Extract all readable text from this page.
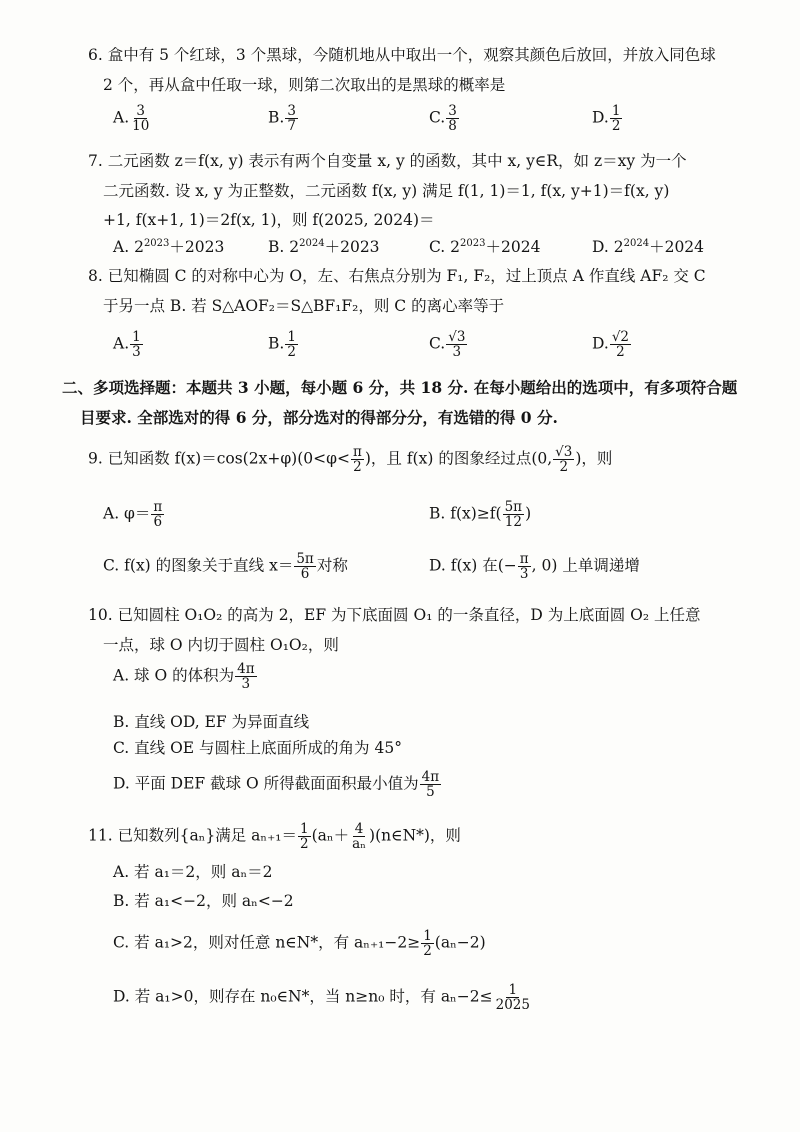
6. 盒中有 5 个红球，3 个黑球，今随机地从中取出一个，观察其颜色后放回，并放入同色球
2 个，再从盒中任取一球，则第二次取出的是黑球的概率是
A. $\frac{3}{10}$	B. $\frac{3}{7}$	C. $\frac{3}{8}$	D. $\frac{1}{2}$
7. 二元函数 z＝f(x, y) 表示有两个自变量 x, y 的函数，其中 x, y∈R，如 z＝xy 为一个
二元函数. 设 x, y 为正整数，二元函数 f(x, y) 满足 f(1, 1)＝1, f(x, y+1)＝f(x, y)
+1, f(x+1, 1)＝2f(x, 1)，则 f(2025, 2024)＝
A. $2^{2023}+2023$	B. $2^{2024}+2023$	C. $2^{2023}+2024$	D. $2^{2024}+2024$
8. 已知椭圆 C 的对称中心为 O，左、右焦点分别为 F₁, F₂，过上顶点 A 作直线 AF₂ 交 C
于另一点 B. 若 S△AOF₂＝S△BF₁F₂，则 C 的离心率等于
A. $\frac{1}{3}$	B. $\frac{1}{2}$	C. $\frac{√3}{3}$	D. $\frac{√2}{2}$
二、多项选择题：本题共 3 小题，每小题 6 分，共 18 分. 在每小题给出的选项中，有多项符合题
目要求. 全部选对的得 6 分，部分选对的得部分分，有选错的得 0 分.
9. 已知函数 $f(x)=\cos(2x+\varphi)(0<\varphi< \frac{\pi}{2}$ )，且 f(x) 的图象经过点(0, $\frac{√3}{2}$ )，则
A. $\varphi= \frac{\pi}{6}$	B. $f(x)\ge f( \frac{5\pi}{12}$ )
C. f(x) 的图象关于直线 $x= \frac{5\pi}{6}$ 对称	D. f(x) 在(− $\frac{\pi}{3}$ , 0) 上单调递增
10. 已知圆柱 O₁O₂ 的高为 2，EF 为下底面圆 O₁ 的一条直径，D 为上底面圆 O₂ 上任意
一点，球 O 内切于圆柱 O₁O₂，则
A. 球 O 的体积为 $\frac{4\pi}{3}$
B. 直线 OD, EF 为异面直线
C. 直线 OE 与圆柱上底面所成的角为 45°
D. 平面 DEF 截球 O 所得截面面积最小值为 $\frac{4\pi}{5}$
11. 已知数列{aₙ}满足 $a_{n+1}= \frac{1}{2} (a_n+ \frac{4}{\text{aₙ}}$ )(n∈N*)，则
A. 若 a₁＝2，则 aₙ＝2
B. 若 a₁<−2，则 aₙ<−2
C. 若 a₁>2，则对任意 n∈N*，有 $a_{n+1}-2\ge \frac{1}{2} (a_n-2)$
D. 若 a₁>0，则存在 n₀∈N*，当 n≥n₀ 时，有 $a_n-2\le \frac{1}{2025}$
